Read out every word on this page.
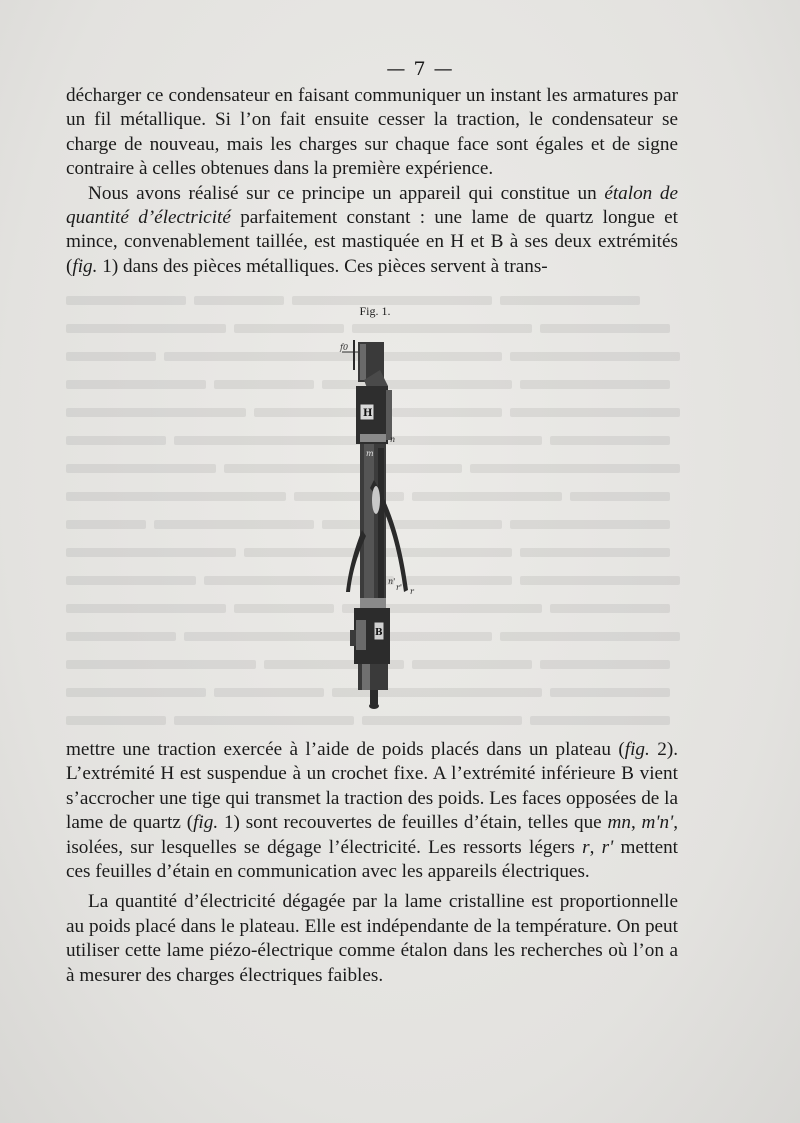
— 7 —

décharger ce condensateur en faisant communiquer un instant les armatures par un fil métallique. Si l’on fait ensuite cesser la traction, le condensateur se charge de nouveau, mais les charges sur chaque face sont égales et de signe contraire à celles obtenues dans la première expérience.

Nous avons réalisé sur ce principe un appareil qui constitue un étalon de quantité d’électricité parfaitement constant : une lame de quartz longue et mince, convenablement taillée, est mastiquée en H et B à ses deux extrémités (fig. 1) dans des pièces métalliques. Ces pièces servent à trans-

Fig. 1.
f0
H
n
m
n'
r' r
B

mettre une traction exercée à l’aide de poids placés dans un plateau (fig. 2). L’extrémité H est suspendue à un crochet fixe. A l’extrémité inférieure B vient s’accrocher une tige qui transmet la traction des poids. Les faces opposées de la lame de quartz (fig. 1) sont recouvertes de feuilles d’étain, telles que mn, m'n', isolées, sur lesquelles se dégage l’électricité. Les ressorts légers r, r' mettent ces feuilles d’étain en communication avec les appareils électriques.

La quantité d’électricité dégagée par la lame cristalline est proportionnelle au poids placé dans le plateau. Elle est indépendante de la température. On peut utiliser cette lame piézo-électrique comme étalon dans les recherches où l’on a à mesurer des charges électriques faibles.
